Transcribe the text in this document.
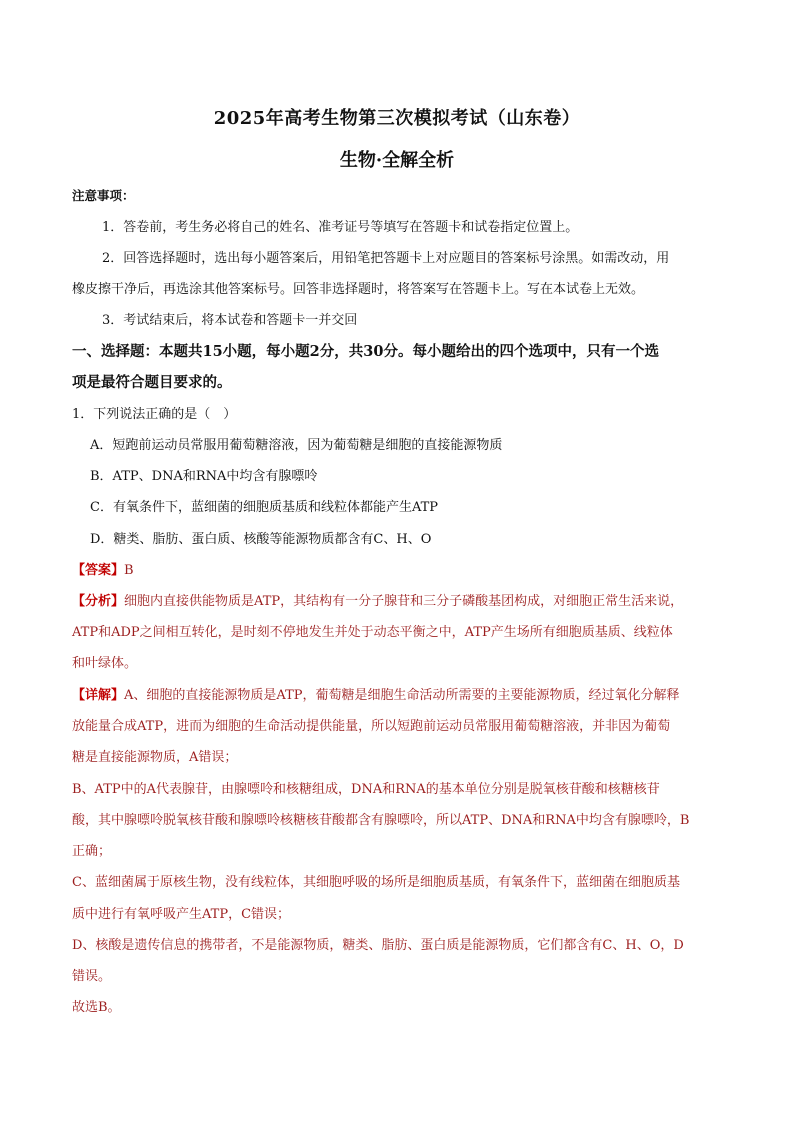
2025年高考生物第三次模拟考试（山东卷）
生物·全解全析
注意事项：
1．答卷前，考生务必将自己的姓名、准考证号等填写在答题卡和试卷指定位置上。
2．回答选择题时，选出每小题答案后，用铅笔把答题卡上对应题目的答案标号涂黑。如需改动，用
橡皮擦干净后，再选涂其他答案标号。回答非选择题时，将答案写在答题卡上。写在本试卷上无效。
3．考试结束后，将本试卷和答题卡一并交回
一、选择题：本题共15小题，每小题2分，共30分。每小题给出的四个选项中，只有一个选
项是最符合题目要求的。
1．下列说法正确的是（　）
A．短跑前运动员常服用葡萄糖溶液，因为葡萄糖是细胞的直接能源物质
B．ATP、DNA和RNA中均含有腺嘌呤
C．有氧条件下，蓝细菌的细胞质基质和线粒体都能产生ATP
D．糖类、脂肪、蛋白质、核酸等能源物质都含有C、H、O
【答案】B
【分析】细胞内直接供能物质是ATP，其结构有一分子腺苷和三分子磷酸基团构成，对细胞正常生活来说，
ATP和ADP之间相互转化，是时刻不停地发生并处于动态平衡之中，ATP产生场所有细胞质基质、线粒体
和叶绿体。
【详解】A、细胞的直接能源物质是ATP，葡萄糖是细胞生命活动所需要的主要能源物质，经过氧化分解释
放能量合成ATP，进而为细胞的生命活动提供能量，所以短跑前运动员常服用葡萄糖溶液，并非因为葡萄
糖是直接能源物质，A错误；
B、ATP中的A代表腺苷，由腺嘌呤和核糖组成，DNA和RNA的基本单位分别是脱氧核苷酸和核糖核苷
酸，其中腺嘌呤脱氧核苷酸和腺嘌呤核糖核苷酸都含有腺嘌呤，所以ATP、DNA和RNA中均含有腺嘌呤，B
正确；
C、蓝细菌属于原核生物，没有线粒体，其细胞呼吸的场所是细胞质基质，有氧条件下，蓝细菌在细胞质基
质中进行有氧呼吸产生ATP，C错误；
D、核酸是遗传信息的携带者，不是能源物质，糖类、脂肪、蛋白质是能源物质，它们都含有C、H、O，D
错误。
故选B。
